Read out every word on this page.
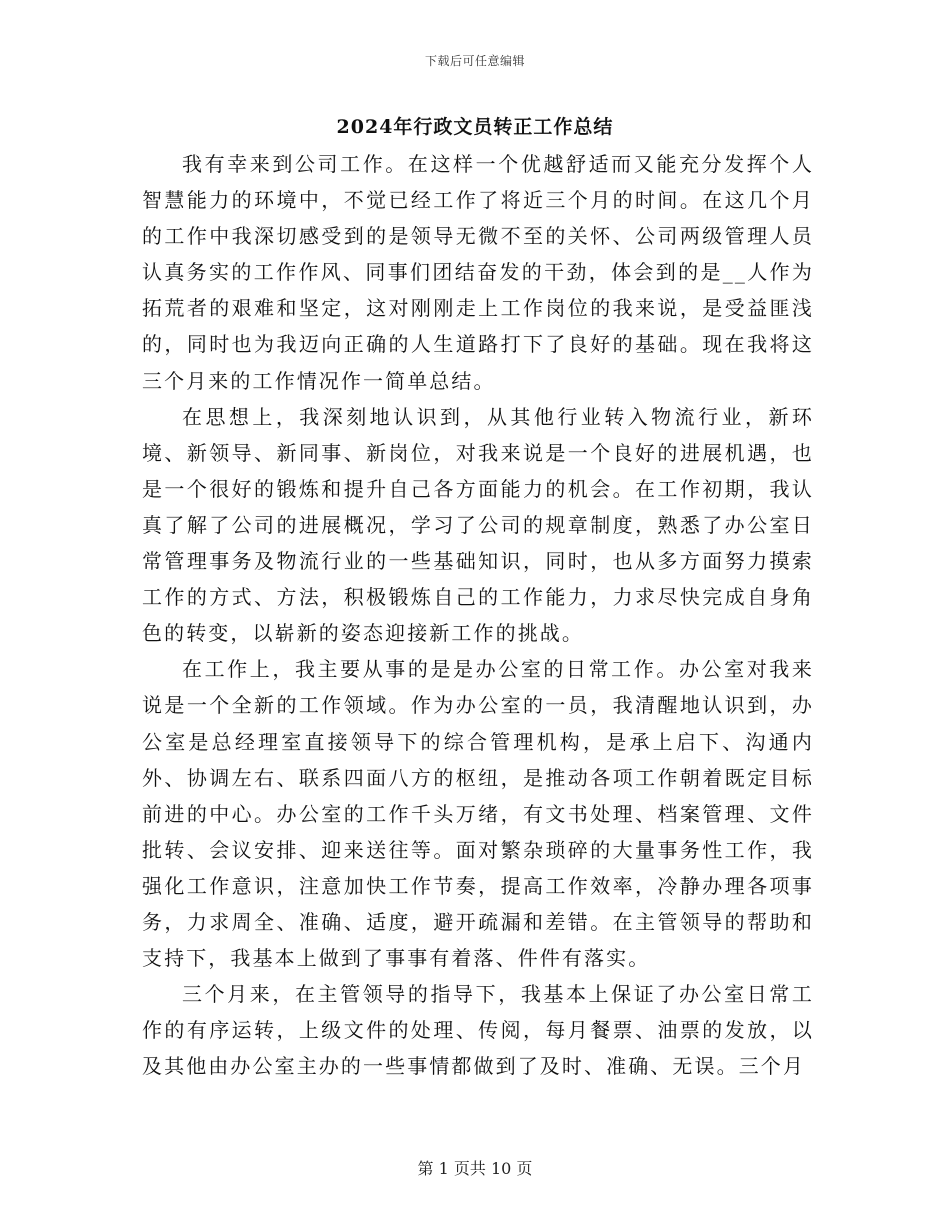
下载后可任意编辑
2024年行政文员转正工作总结

我有幸来到公司工作。在这样一个优越舒适而又能充分发挥个人智慧能力的环境中，不觉已经工作了将近三个月的时间。在这几个月的工作中我深切感受到的是领导无微不至的关怀、公司两级管理人员认真务实的工作作风、同事们团结奋发的干劲，体会到的是__人作为拓荒者的艰难和坚定，这对刚刚走上工作岗位的我来说，是受益匪浅的，同时也为我迈向正确的人生道路打下了良好的基础。现在我将这三个月来的工作情况作一简单总结。

在思想上，我深刻地认识到，从其他行业转入物流行业，新环境、新领导、新同事、新岗位，对我来说是一个良好的进展机遇，也是一个很好的锻炼和提升自己各方面能力的机会。在工作初期，我认真了解了公司的进展概况，学习了公司的规章制度，熟悉了办公室日常管理事务及物流行业的一些基础知识，同时，也从多方面努力摸索工作的方式、方法，积极锻炼自己的工作能力，力求尽快完成自身角色的转变，以崭新的姿态迎接新工作的挑战。

在工作上，我主要从事的是是办公室的日常工作。办公室对我来说是一个全新的工作领域。作为办公室的一员，我清醒地认识到，办公室是总经理室直接领导下的综合管理机构，是承上启下、沟通内外、协调左右、联系四面八方的枢纽，是推动各项工作朝着既定目标前进的中心。办公室的工作千头万绪，有文书处理、档案管理、文件批转、会议安排、迎来送往等。面对繁杂琐碎的大量事务性工作，我强化工作意识，注意加快工作节奏，提高工作效率，冷静办理各项事务，力求周全、准确、适度，避开疏漏和差错。在主管领导的帮助和支持下，我基本上做到了事事有着落、件件有落实。

三个月来，在主管领导的指导下，我基本上保证了办公室日常工作的有序运转，上级文件的处理、传阅，每月餐票、油票的发放，以及其他由办公室主办的一些事情都做到了及时、准确、无误。三个月

第 1 页共 10 页
